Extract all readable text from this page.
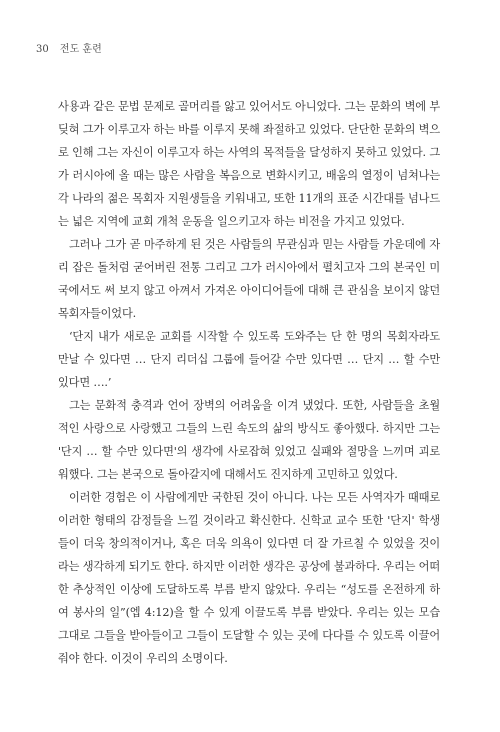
30 전도 훈련

사용과 같은 문법 문제로 골머리를 앓고 있어서도 아니었다. 그는 문화의 벽에 부딪혀 그가 이루고자 하는 바를 이루지 못해 좌절하고 있었다. 단단한 문화의 벽으로 인해 그는 자신이 이루고자 하는 사역의 목적들을 달성하지 못하고 있었다. 그가 러시아에 올 때는 많은 사람을 복음으로 변화시키고, 배움의 열정이 넘쳐나는 각 나라의 젊은 목회자 지원생들을 키워내고, 또한 11개의 표준 시간대를 넘나드는 넓은 지역에 교회 개척 운동을 일으키고자 하는 비전을 가지고 있었다.

그러나 그가 곧 마주하게 된 것은 사람들의 무관심과 믿는 사람들 가운데에 자리 잡은 돌처럼 굳어버린 전통 그리고 그가 러시아에서 펼치고자 그의 본국인 미국에서도 써 보지 않고 아껴서 가져온 아이디어들에 대해 큰 관심을 보이지 않던 목회자들이었다.

‘단지 내가 새로운 교회를 시작할 수 있도록 도와주는 단 한 명의 목회자라도 만날 수 있다면 … 단지 리더십 그룹에 들어갈 수만 있다면 … 단지 … 할 수만 있다면 ….’

그는 문화적 충격과 언어 장벽의 어려움을 이겨 냈었다. 또한, 사람들을 초월적인 사랑으로 사랑했고 그들의 느린 속도의 삶의 방식도 좋아했다. 하지만 그는 '단지 … 할 수만 있다면'의 생각에 사로잡혀 있었고 실패와 절망을 느끼며 괴로워했다. 그는 본국으로 돌아갈지에 대해서도 진지하게 고민하고 있었다.

이러한 경험은 이 사람에게만 국한된 것이 아니다. 나는 모든 사역자가 때때로 이러한 형태의 감정들을 느낄 것이라고 확신한다. 신학교 교수 또한 '단지' 학생들이 더욱 창의적이거나, 혹은 더욱 의욕이 있다면 더 잘 가르칠 수 있었을 것이라는 생각하게 되기도 한다. 하지만 이러한 생각은 공상에 불과하다. 우리는 어떠한 추상적인 이상에 도달하도록 부름 받지 않았다. 우리는 “성도를 온전하게 하여 봉사의 일”(엡 4:12)을 할 수 있게 이끌도록 부름 받았다. 우리는 있는 모습 그대로 그들을 받아들이고 그들이 도달할 수 있는 곳에 다다를 수 있도록 이끌어줘야 한다. 이것이 우리의 소명이다.
